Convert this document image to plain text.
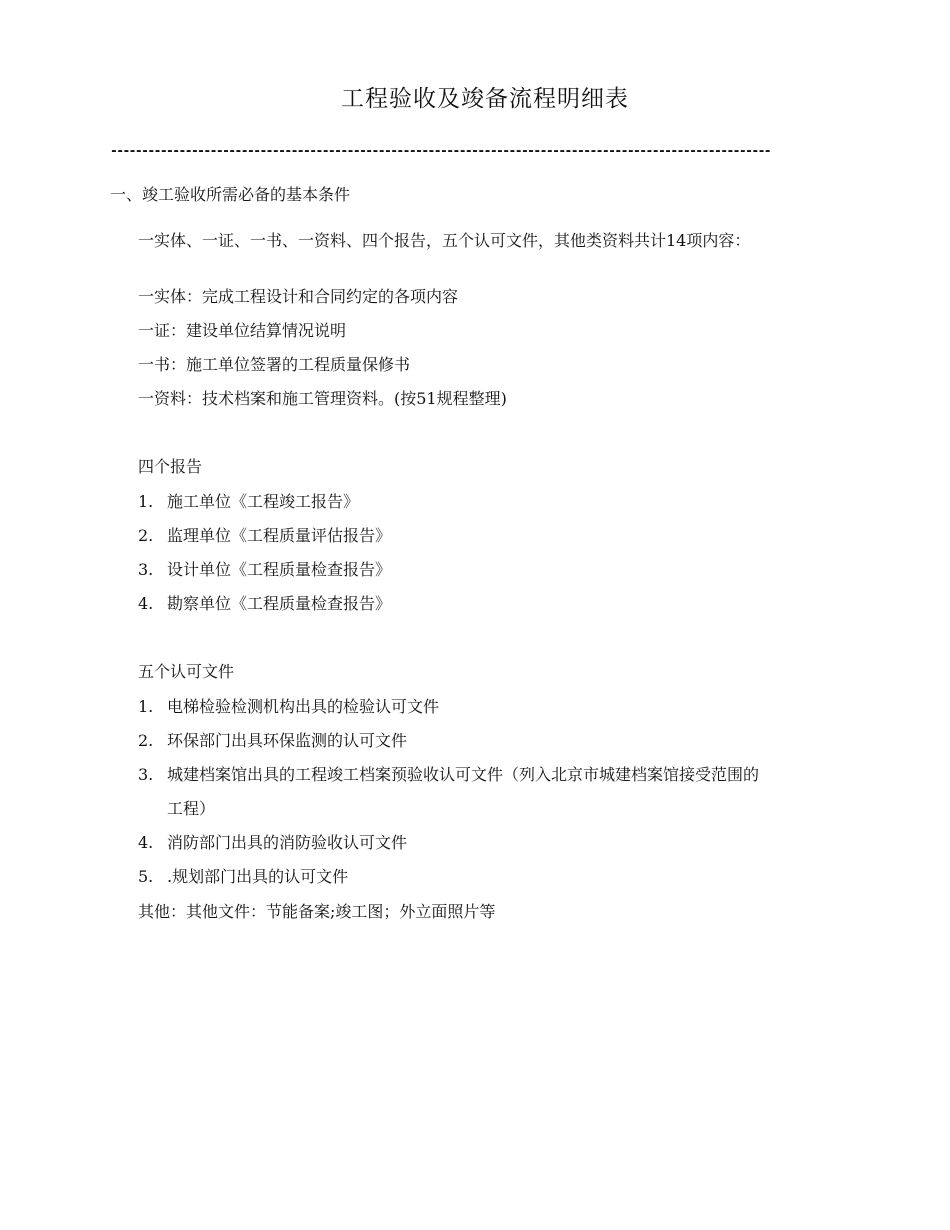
工程验收及竣备流程明细表
----------------------------------------------------------------------------------------------------------
一、竣工验收所需必备的基本条件
一实体、一证、一书、一资料、四个报告，五个认可文件，其他类资料共计14项内容：
一实体：完成工程设计和合同约定的各项内容
一证：建设单位结算情况说明
一书：施工单位签署的工程质量保修书
一资料：技术档案和施工管理资料。(按51规程整理)
四个报告
1. 施工单位《工程竣工报告》
2. 监理单位《工程质量评估报告》
3. 设计单位《工程质量检查报告》
4. 勘察单位《工程质量检查报告》
五个认可文件
1. 电梯检验检测机构出具的检验认可文件
2. 环保部门出具环保监测的认可文件
3. 城建档案馆出具的工程竣工档案预验收认可文件（列入北京市城建档案馆接受范围的
工程）
4. 消防部门出具的消防验收认可文件
5. .规划部门出具的认可文件
其他：其他文件：节能备案;竣工图；外立面照片等
